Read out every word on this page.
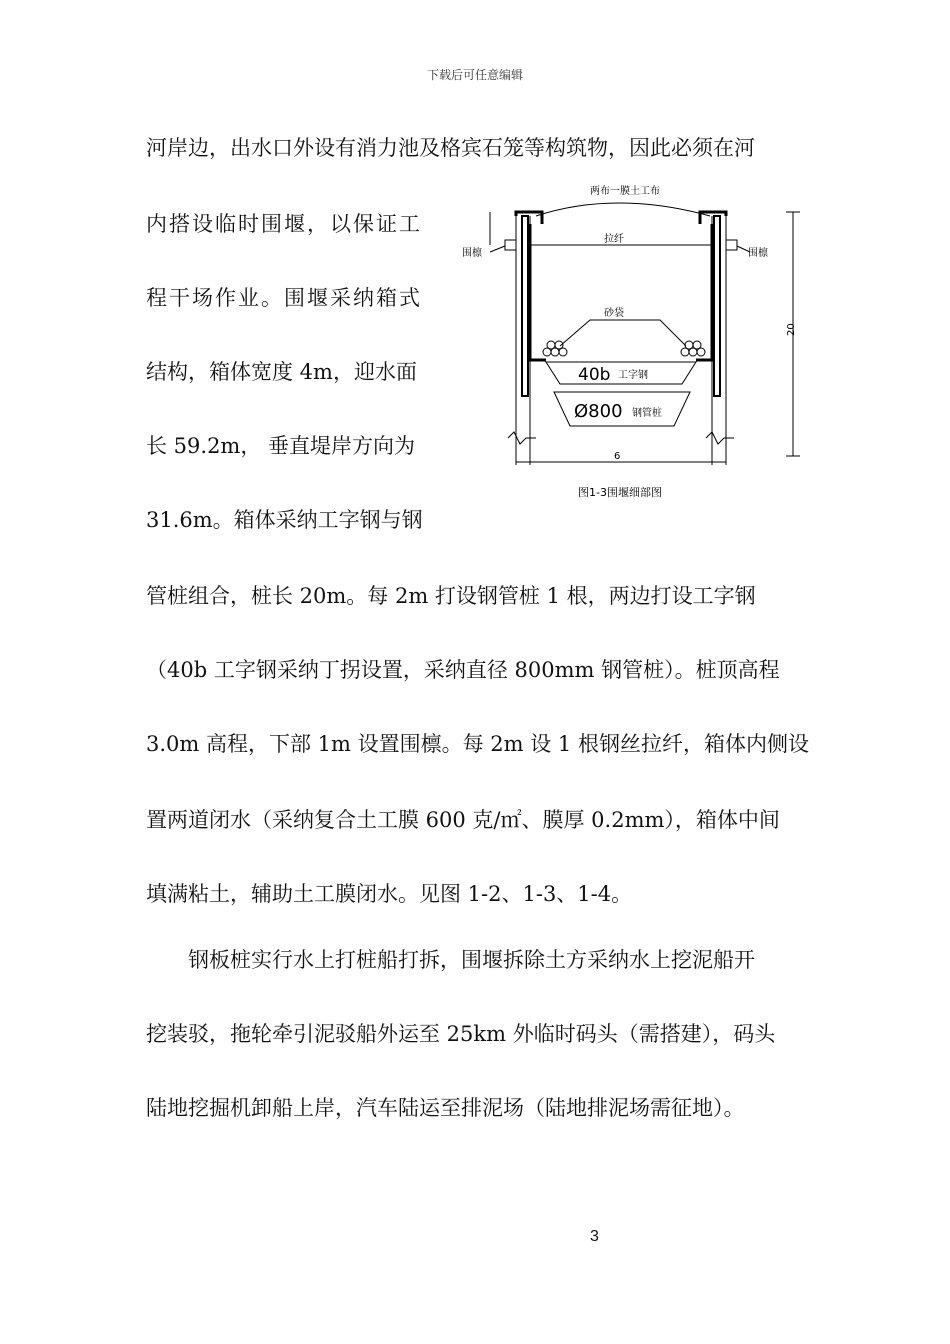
下载后可任意编辑
河岸边，出水口外设有消力池及格宾石笼等构筑物，因此必须在河
内搭设临时围堰，以保证工
程干场作业。围堰采纳箱式
结构，箱体宽度 4m，迎水面
长 59.2m， 垂直堤岸方向为
31.6m。箱体采纳工字钢与钢
管桩组合，桩长 20m。每 2m 打设钢管桩 1 根，两边打设工字钢
（40b 工字钢采纳丁拐设置，采纳直径 800mm 钢管桩）。桩顶高程
3.0m 高程，下部 1m 设置围檩。每 2m 设 1 根钢丝拉纤，箱体内侧设
置两道闭水（采纳复合土工膜 600 克/㎡、膜厚 0.2mm），箱体中间
填满粘土，辅助土工膜闭水。见图 1-2、1-3、1-4。
　　钢板桩实行水上打桩船打拆，围堰拆除土方采纳水上挖泥船开
挖装驳，拖轮牵引泥驳船外运至 25km 外临时码头（需搭建），码头
陆地挖掘机卸船上岸，汽车陆运至排泥场（陆地排泥场需征地）。
两布一膜土工布
围檩	围檩
拉纤
砂袋
40b 工字钢
Ø800 钢管桩
20
6
图1-3围堰细部图
3
